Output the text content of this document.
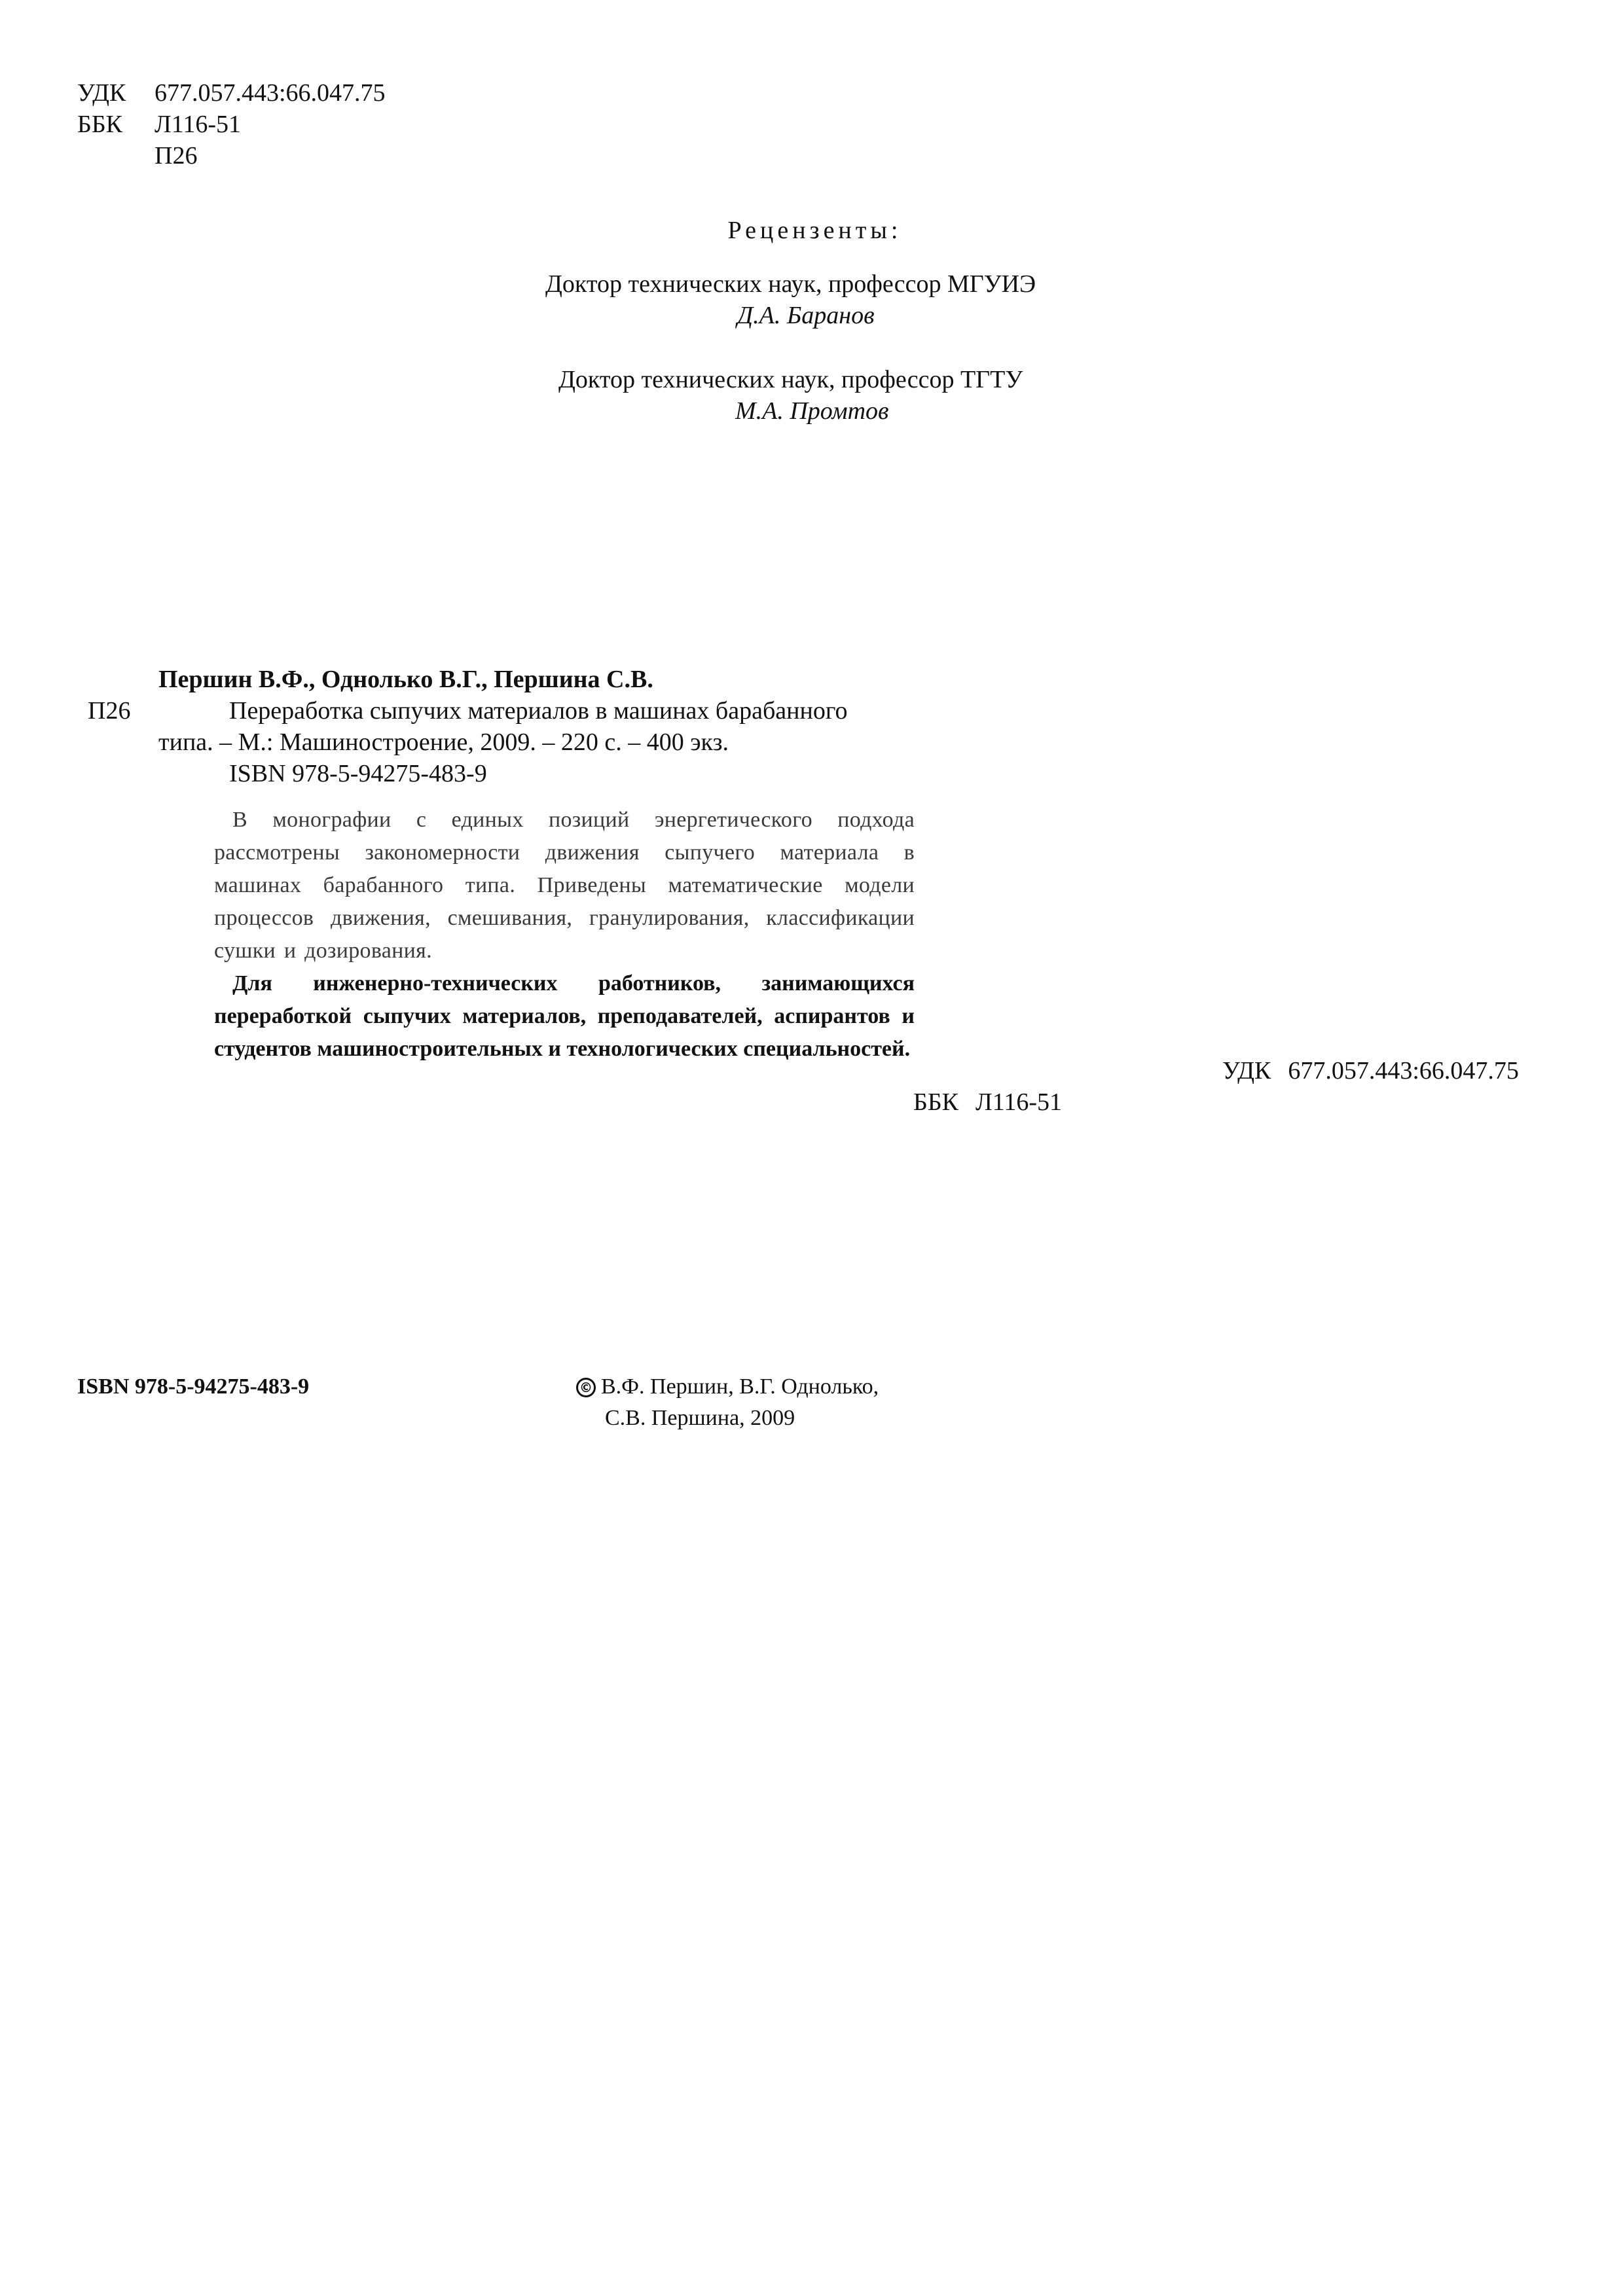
УДК 677.057.443:66.047.75
ББК Л116-51
П26
Рецензенты:
Доктор технических наук, профессор МГУИЭ
Д.А. Баранов
Доктор технических наук, профессор ТГТУ
М.А. Промтов
Першин В.Ф., Однолько В.Г., Першина С.В.
П26	Переработка сыпучих материалов в машинах барабанного
типа. – М.: Машиностроение, 2009. – 220 с. – 400 экз.
ISBN 978-5-94275-483-9

В монографии с единых позиций энергетического подхода рассмотрены закономерности движения сыпучего материала в машинах барабанного типа. Приведены математические модели процессов движения, смешивания, гранулирования, классификации сушки и дозирования.

Для инженерно-технических работников, занимающихся переработкой сыпучих материалов, преподавателей, аспирантов и студентов машиностроительных и технологических специальностей.

УДК 677.057.443:66.047.75
ББК Л116-51
ISBN 978-5-94275-483-9	© В.Ф. Першин, В.Г. Однолько,
С.В. Першина, 2009
